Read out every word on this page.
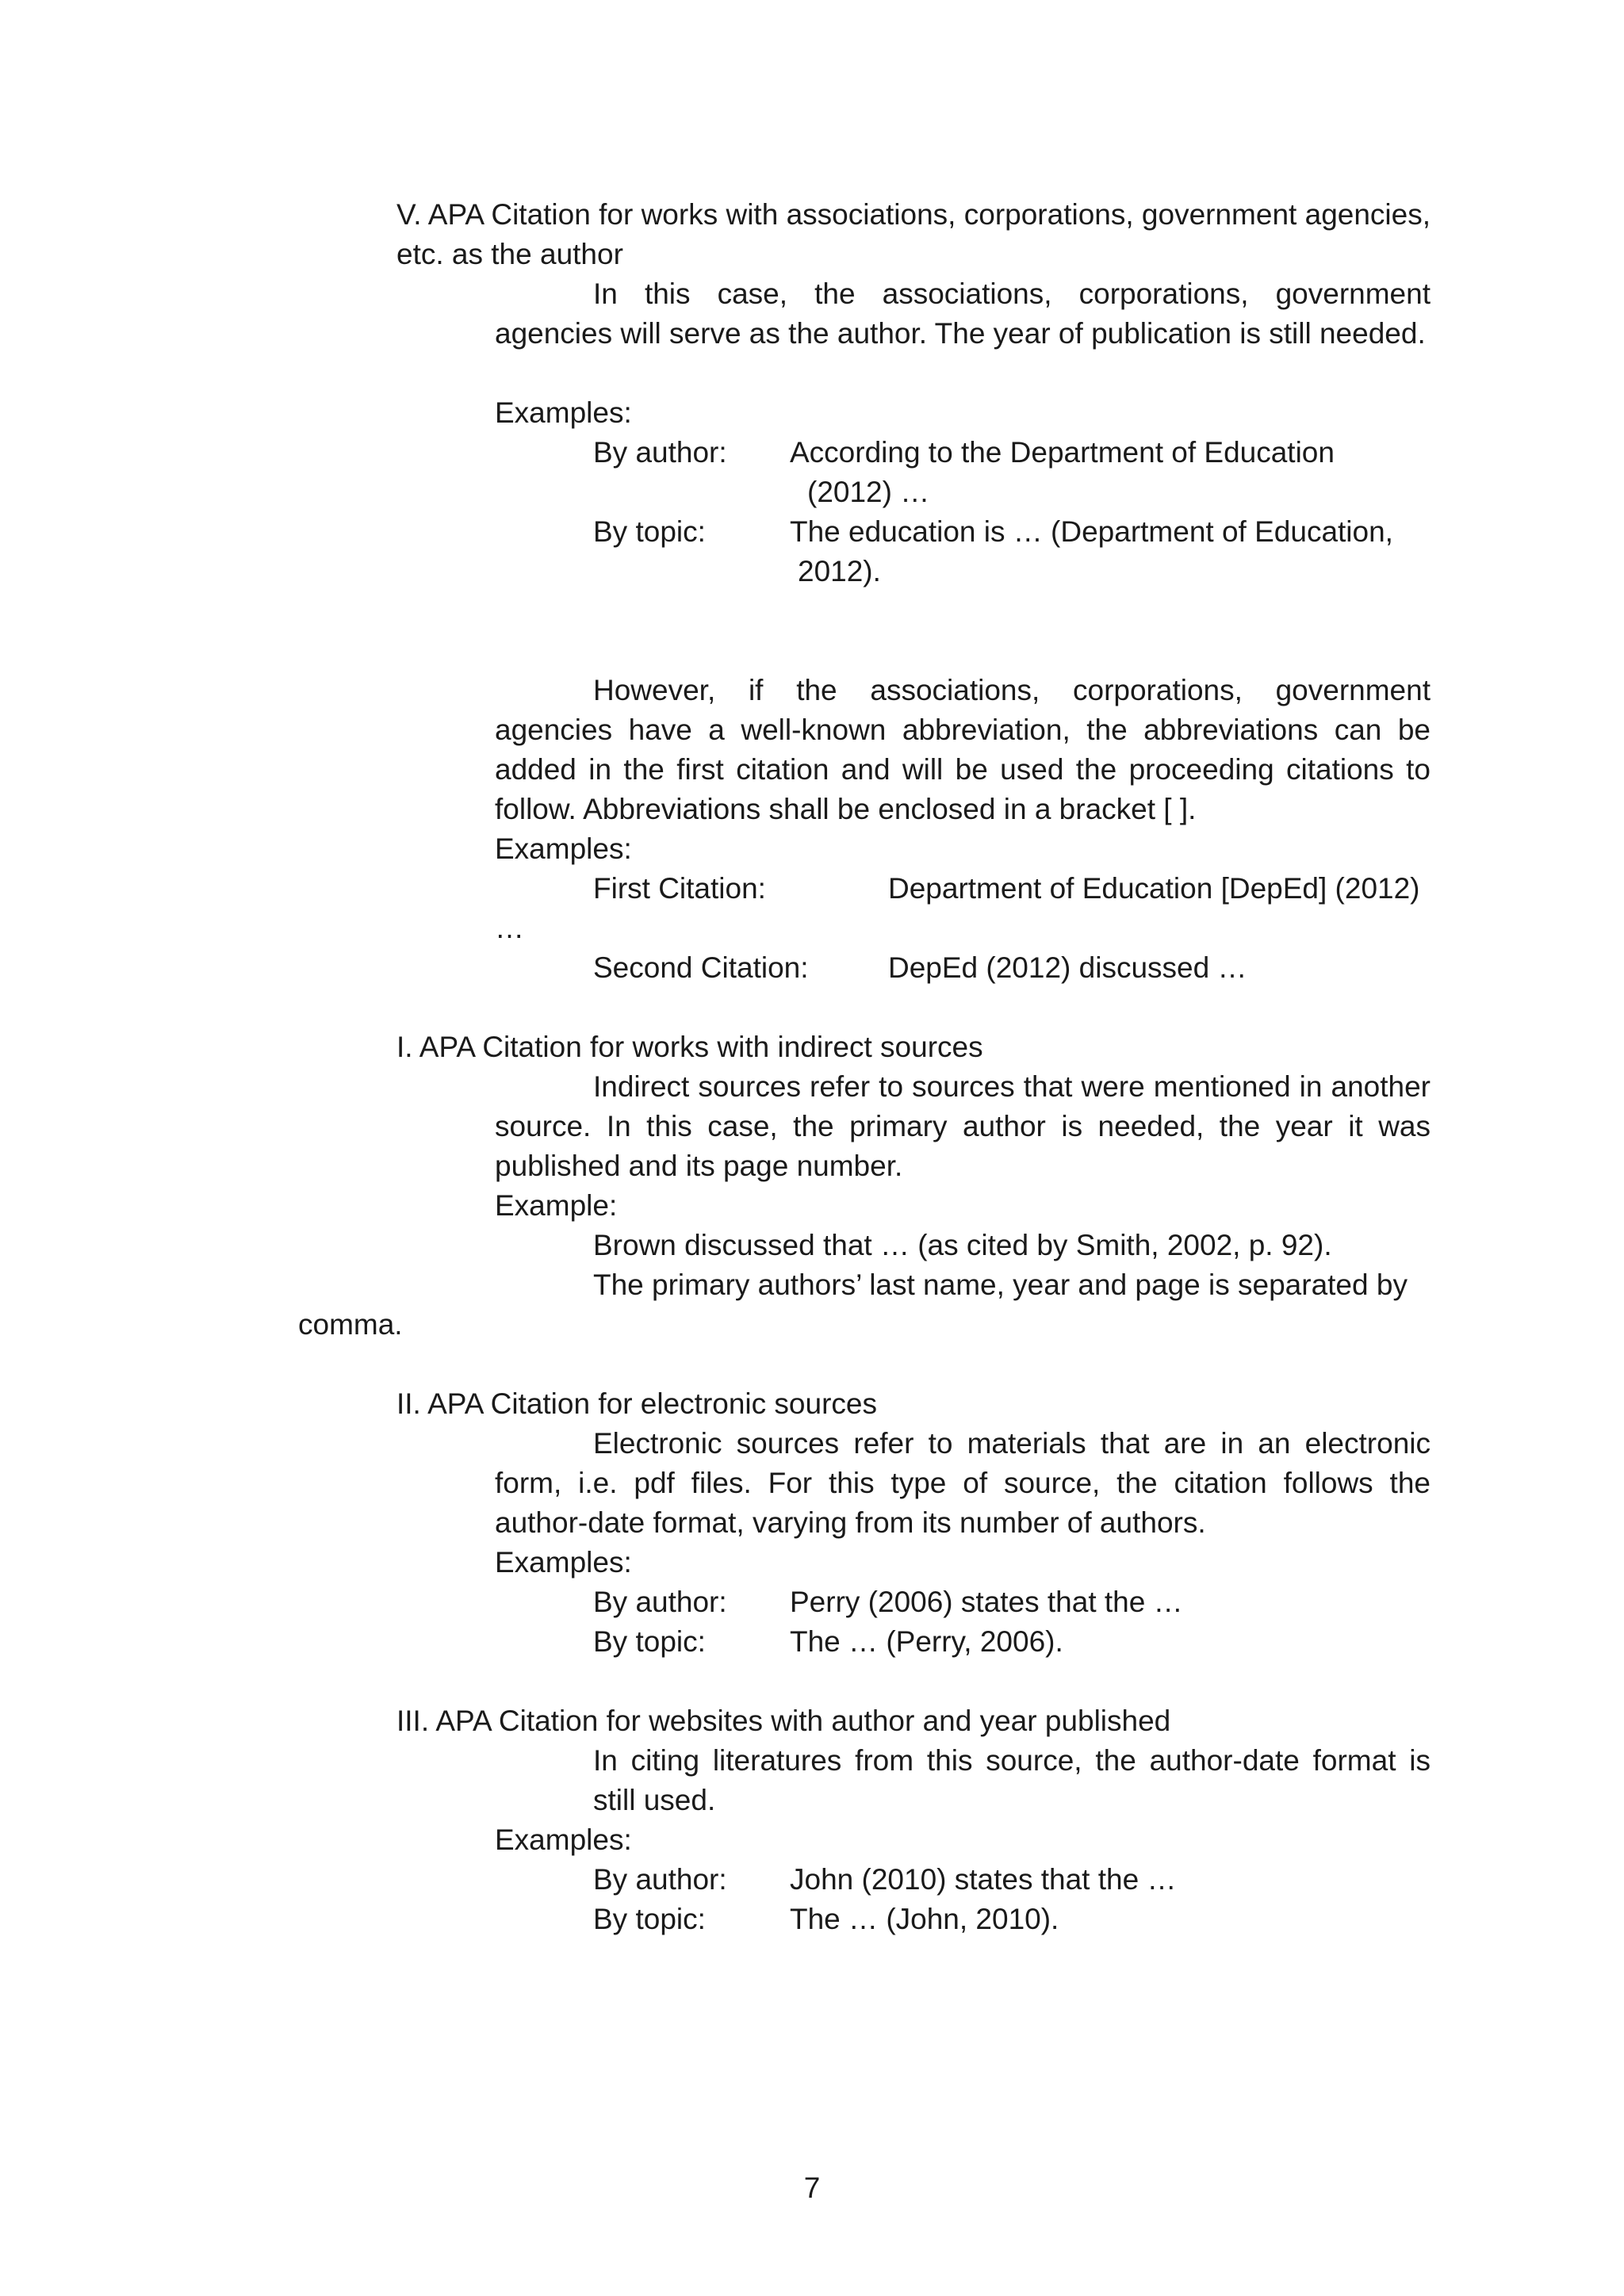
V. APA Citation for works with associations, corporations, government agencies, etc. as the author

In this case, the associations, corporations, government agencies will serve as the author. The year of publication is still needed.

Examples:
By author: According to the Department of Education
(2012) …
By topic:	The education is … (Department of Education,
2012).

However, if the associations, corporations, government agencies have a well-known abbreviation, the abbreviations can be added in the first citation and will be used the proceeding citations to follow. Abbreviations shall be enclosed in a bracket [ ].

Examples:
First Citation:	Department of Education [DepEd] (2012)
…
Second Citation:	DepEd (2012) discussed …
I. APA Citation for works with indirect sources

Indirect sources refer to sources that were mentioned in another source. In this case, the primary author is needed, the year it was published and its page number.

Example:
Brown discussed that … (as cited by Smith, 2002, p. 92).
The primary authors’ last name, year and page is separated by
comma.
II. APA Citation for electronic sources

Electronic sources refer to materials that are in an electronic form, i.e. pdf files. For this type of source, the citation follows the author-date format, varying from its number of authors.

Examples:
By author: Perry (2006) states that the …
By topic:	The … (Perry, 2006).
III. APA Citation for websites with author and year published

In citing literatures from this source, the author-date format is still used.

Examples:
By author: John (2010) states that the …
By topic:	The … (John, 2010).
7
